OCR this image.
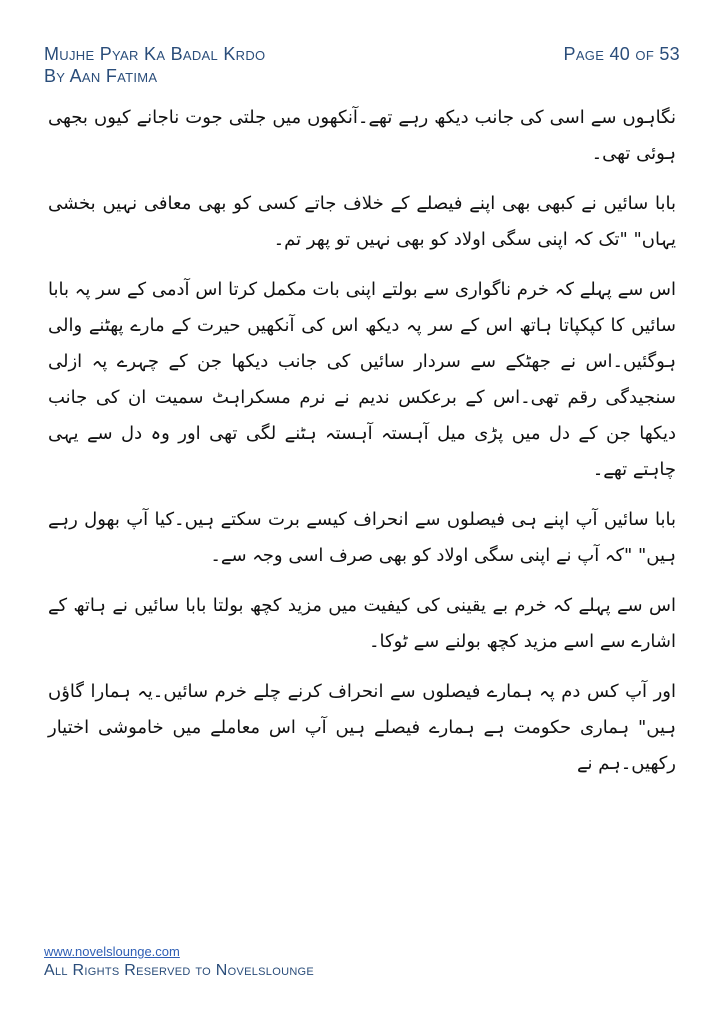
Mujhe Pyar Ka Badal Krdo
By Aan Fatima
Page 40 of 53

نگاہوں سے اسی کی جانب دیکھ رہے تھے۔آنکھوں میں جلتی جوت ناجانے کیوں بجھی ہوئی تھی۔

بابا سائیں نے کبھی بھی اپنے فیصلے کے خلاف جاتے کسی کو بھی معافی نہیں بخشی یہاں" "تک کہ اپنی سگی اولاد کو بھی نہیں تو پھر تم۔

اس سے پہلے کہ خرم ناگواری سے بولتے اپنی بات مکمل کرتا اس آدمی کے سر پہ بابا سائیں کا کپکپاتا ہاتھ اس کے سر پہ دیکھ اس کی آنکھیں حیرت کے مارے پھٹنے والی ہوگئیں۔اس نے جھٹکے سے سردار سائیں کی جانب دیکھا جن کے چہرے پہ ازلی سنجیدگی رقم تھی۔اس کے برعکس ندیم نے نرم مسکراہٹ سمیت ان کی جانب دیکھا جن کے دل میں پڑی میل آہستہ آہستہ ہٹنے لگی تھی اور وہ دل سے یہی چاہتے تھے۔

بابا سائیں آپ اپنے ہی فیصلوں سے انحراف کیسے برت سکتے ہیں۔کیا آپ بھول رہے ہیں" "کہ آپ نے اپنی سگی اولاد کو بھی صرف اسی وجہ سے۔

اس سے پہلے کہ خرم بے یقینی کی کیفیت میں مزید کچھ بولتا بابا سائیں نے ہاتھ کے اشارے سے اسے مزید کچھ بولنے سے ٹوکا۔

اور آپ کس دم پہ ہمارے فیصلوں سے انحراف کرنے چلے خرم سائیں۔یہ ہمارا گاؤں ہیں" ہماری حکومت ہے ہمارے فیصلے ہیں آپ اس معاملے میں خاموشی اختیار رکھیں۔ہم نے

www.novelslounge.com
All Rights Reserved to Novelslounge
